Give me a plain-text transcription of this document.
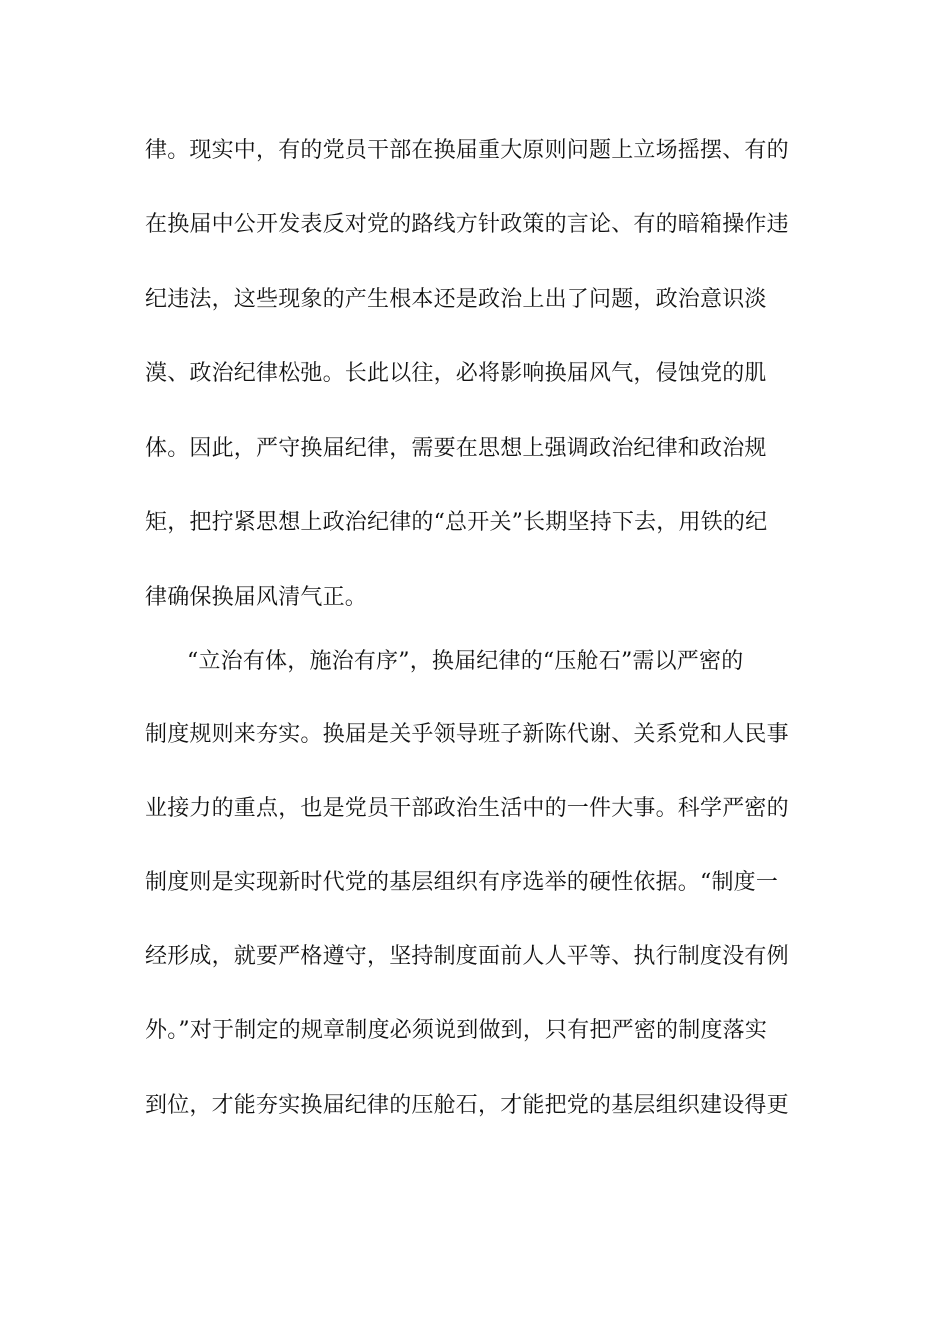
律。现实中，有的党员干部在换届重大原则问题上立场摇摆、有的
在换届中公开发表反对党的路线方针政策的言论、有的暗箱操作违
纪违法，这些现象的产生根本还是政治上出了问题，政治意识淡
漠、政治纪律松弛。长此以往，必将影响换届风气，侵蚀党的肌
体。因此，严守换届纪律，需要在思想上强调政治纪律和政治规
矩，把拧紧思想上政治纪律的“总开关”长期坚持下去，用铁的纪
律确保换届风清气正。
“立治有体，施治有序”，换届纪律的“压舱石”需以严密的
制度规则来夯实。换届是关乎领导班子新陈代谢、关系党和人民事
业接力的重点，也是党员干部政治生活中的一件大事。科学严密的
制度则是实现新时代党的基层组织有序选举的硬性依据。“制度一
经形成，就要严格遵守，坚持制度面前人人平等、执行制度没有例
外。”对于制定的规章制度必须说到做到，只有把严密的制度落实
到位，才能夯实换届纪律的压舱石，才能把党的基层组织建设得更
